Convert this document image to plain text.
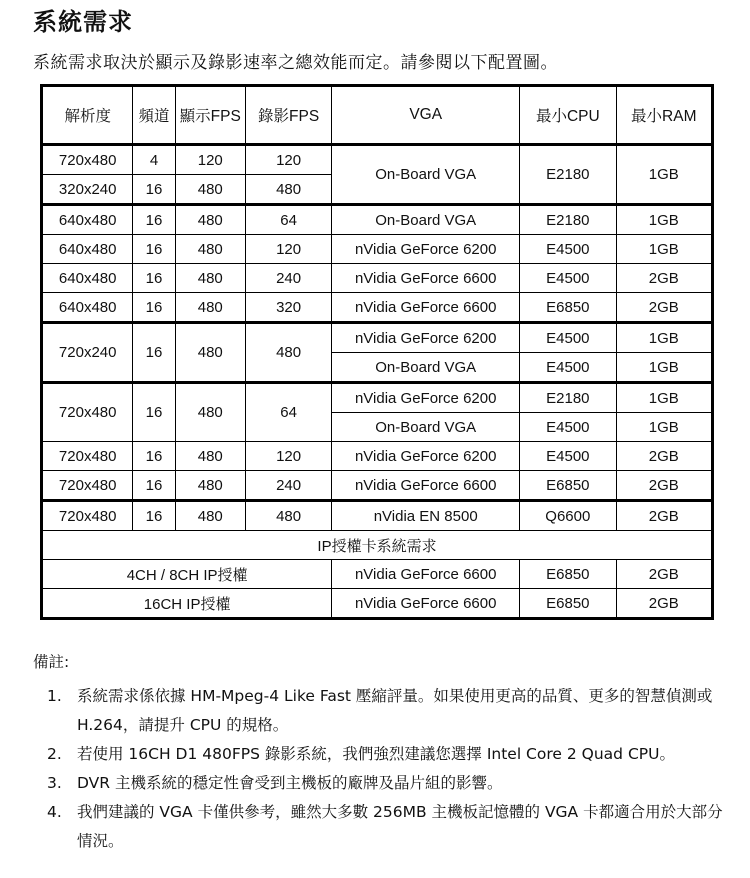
系統需求
系統需求取決於顯示及錄影速率之總效能而定。請參閱以下配置圖。
解析度	頻道	顯示FPS	錄影FPS	VGA	最小CPU	最小RAM
720x480	4	120	120	On-Board VGA	E2180	1GB
320x240	16	480	480			
640x480	16	480	64	On-Board VGA	E2180	1GB
640x480	16	480	120	nVidia GeForce 6200	E4500	1GB
640x480	16	480	240	nVidia GeForce 6600	E4500	2GB
640x480	16	480	320	nVidia GeForce 6600	E6850	2GB
720x240	16	480	480	nVidia GeForce 6200	E4500	1GB
				On-Board VGA	E4500	1GB
720x480	16	480	64	nVidia GeForce 6200	E2180	1GB
				On-Board VGA	E4500	1GB
720x480	16	480	120	nVidia GeForce 6200	E4500	2GB
720x480	16	480	240	nVidia GeForce 6600	E6850	2GB
720x480	16	480	480	nVidia EN 8500	Q6600	2GB
IP授權卡系統需求						
4CH / 8CH IP授權				nVidia GeForce 6600	E6850	2GB
16CH IP授權				nVidia GeForce 6600	E6850	2GB
備註:
1. 系統需求係依據 HM-Mpeg-4 Like Fast 壓縮評量。如果使用更高的品質、更多的智慧偵測或 H.264，請提升 CPU 的規格。
2. 若使用 16CH D1 480FPS 錄影系統，我們強烈建議您選擇 Intel Core 2 Quad CPU。
3. DVR 主機系統的穩定性會受到主機板的廠牌及晶片組的影響。
4. 我們建議的 VGA 卡僅供參考，雖然大多數 256MB 主機板記憶體的 VGA 卡都適合用於大部分情況。
